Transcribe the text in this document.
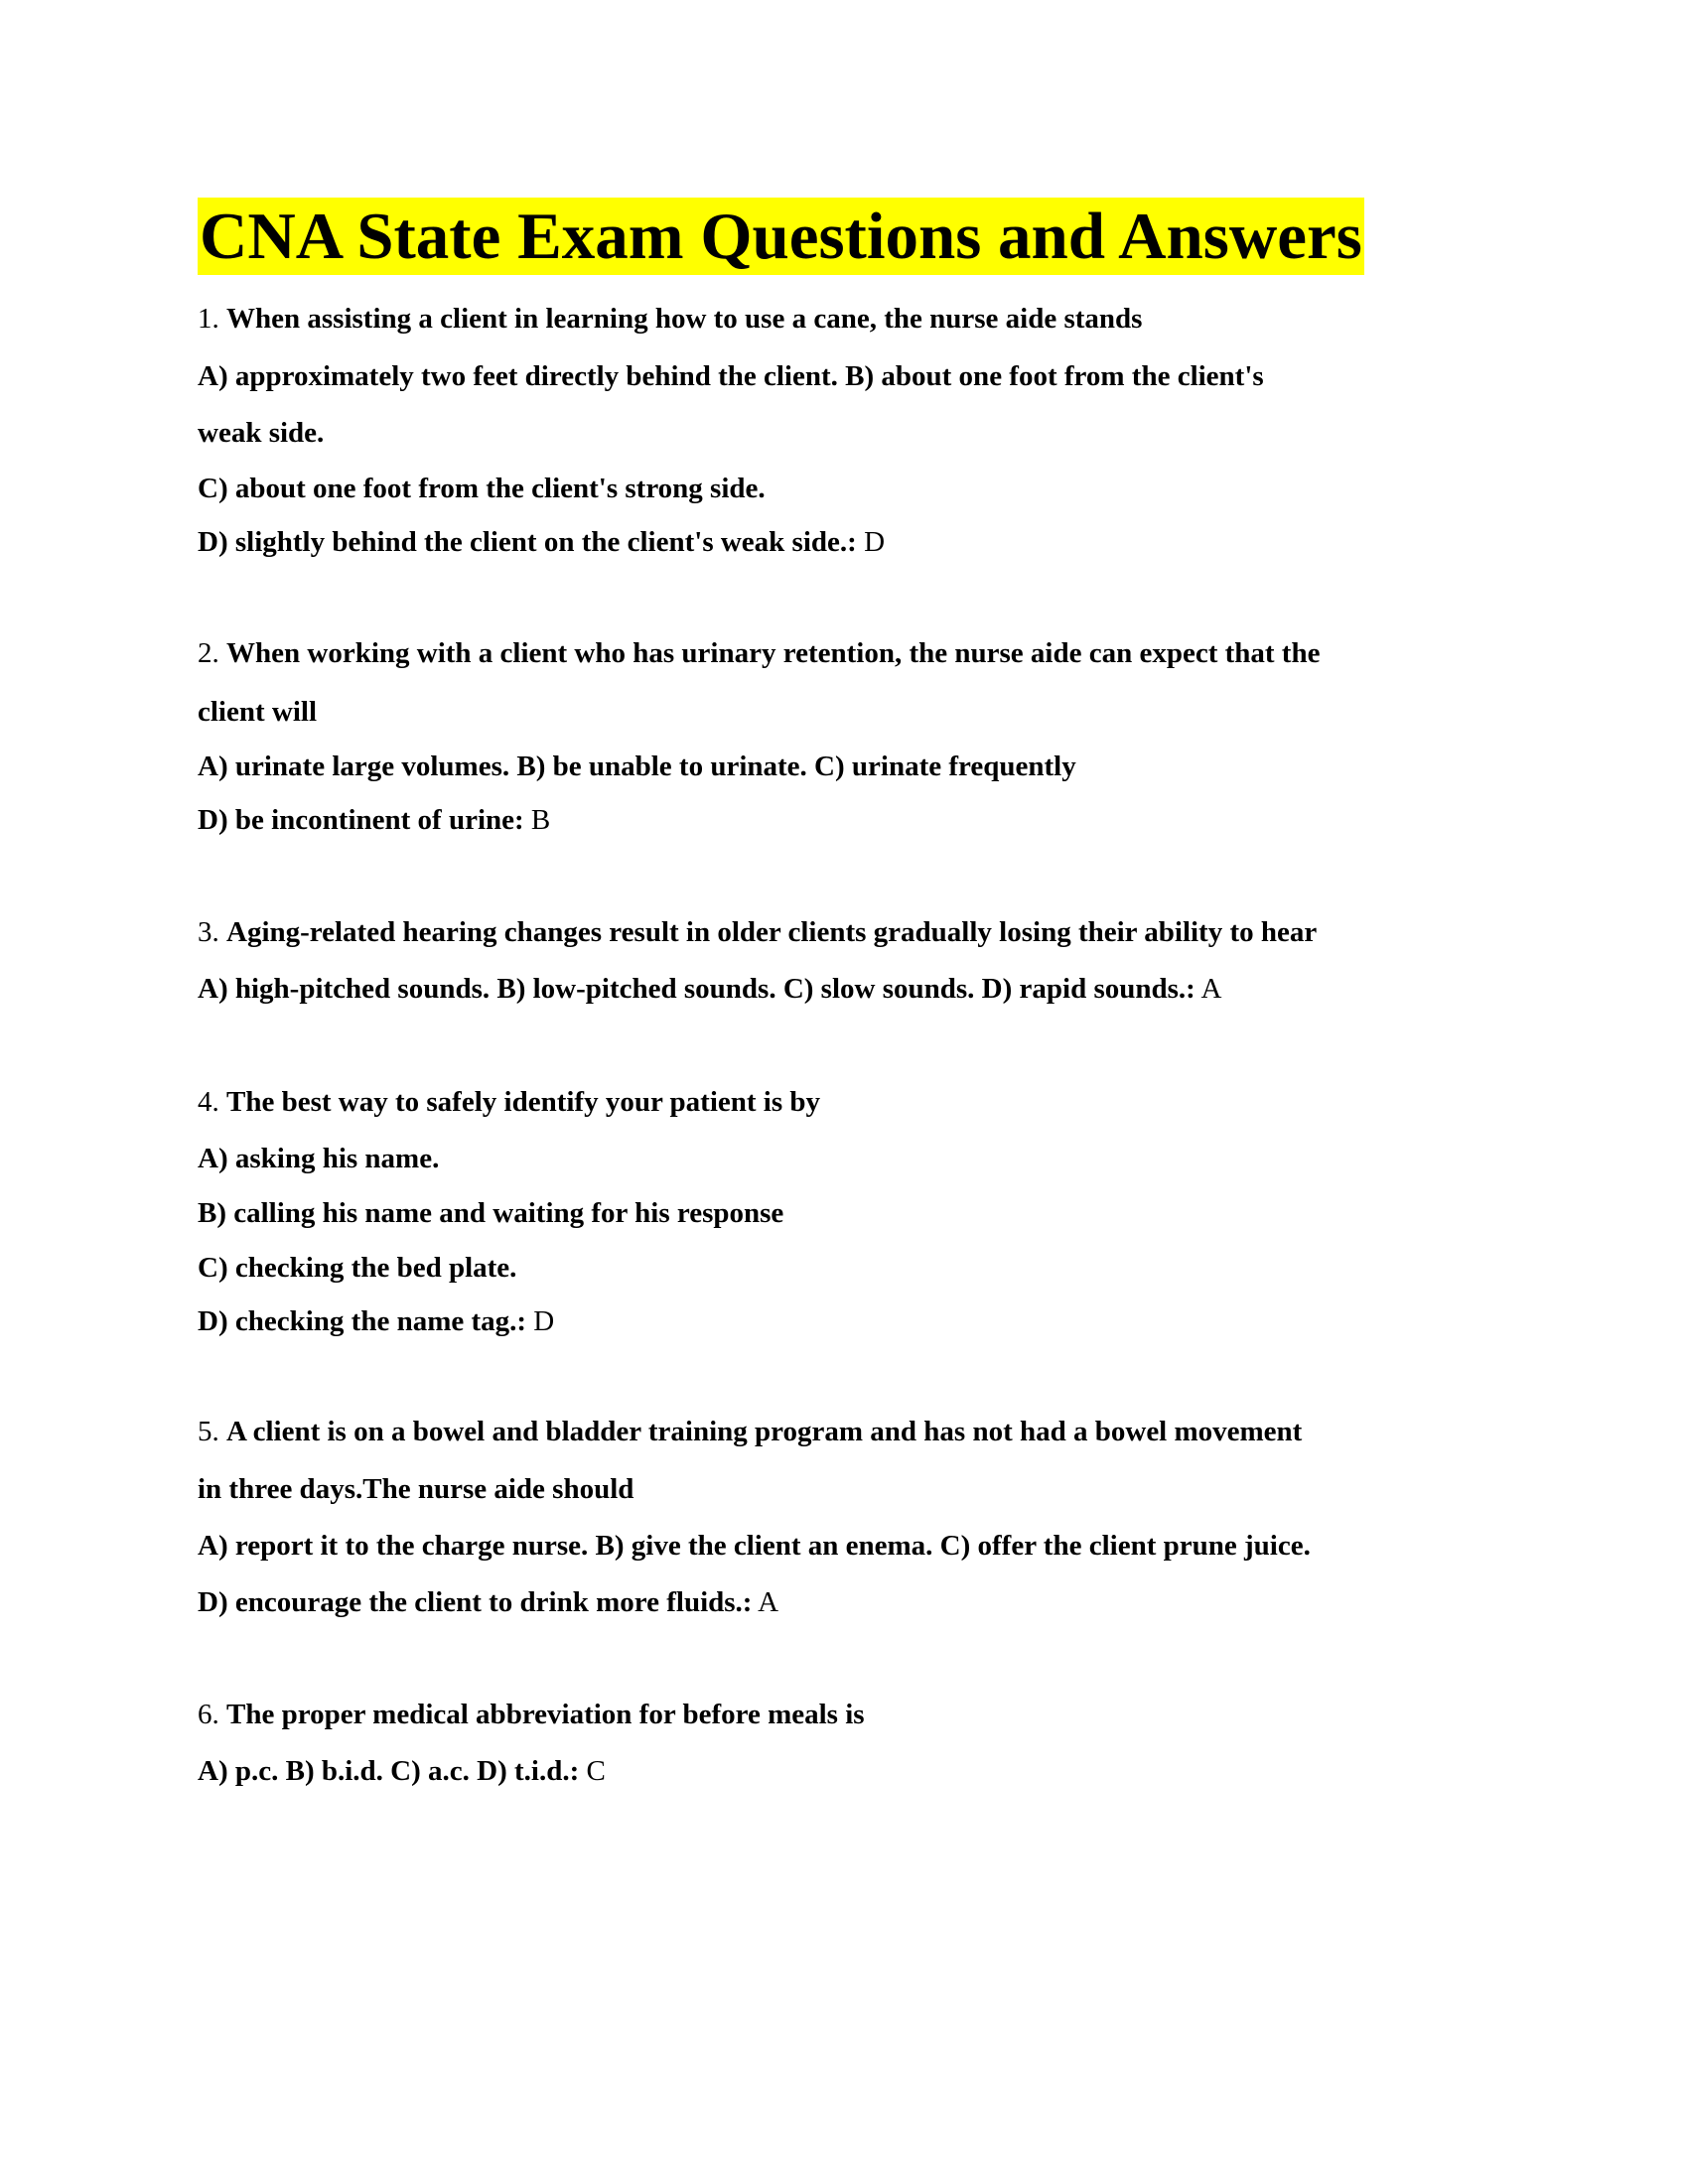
CNA State Exam Questions and Answers
1. When assisting a client in learning how to use a cane, the nurse aide stands
A) approximately two feet directly behind the client. B) about one foot from the client's
weak side.
C) about one foot from the client's strong side.
D) slightly behind the client on the client's weak side.: D
2. When working with a client who has urinary retention, the nurse aide can expect that the
client will
A) urinate large volumes. B) be unable to urinate. C) urinate frequently
D) be incontinent of urine: B
3. Aging-related hearing changes result in older clients gradually losing their ability to hear
A) high-pitched sounds. B) low-pitched sounds. C) slow sounds. D) rapid sounds.: A
4. The best way to safely identify your patient is by
A) asking his name.
B) calling his name and waiting for his response
C) checking the bed plate.
D) checking the name tag.: D
5. A client is on a bowel and bladder training program and has not had a bowel movement
in three days.The nurse aide should
A) report it to the charge nurse. B) give the client an enema. C) offer the client prune juice.
D) encourage the client to drink more fluids.: A
6. The proper medical abbreviation for before meals is
A) p.c. B) b.i.d. C) a.c. D) t.i.d.: C
